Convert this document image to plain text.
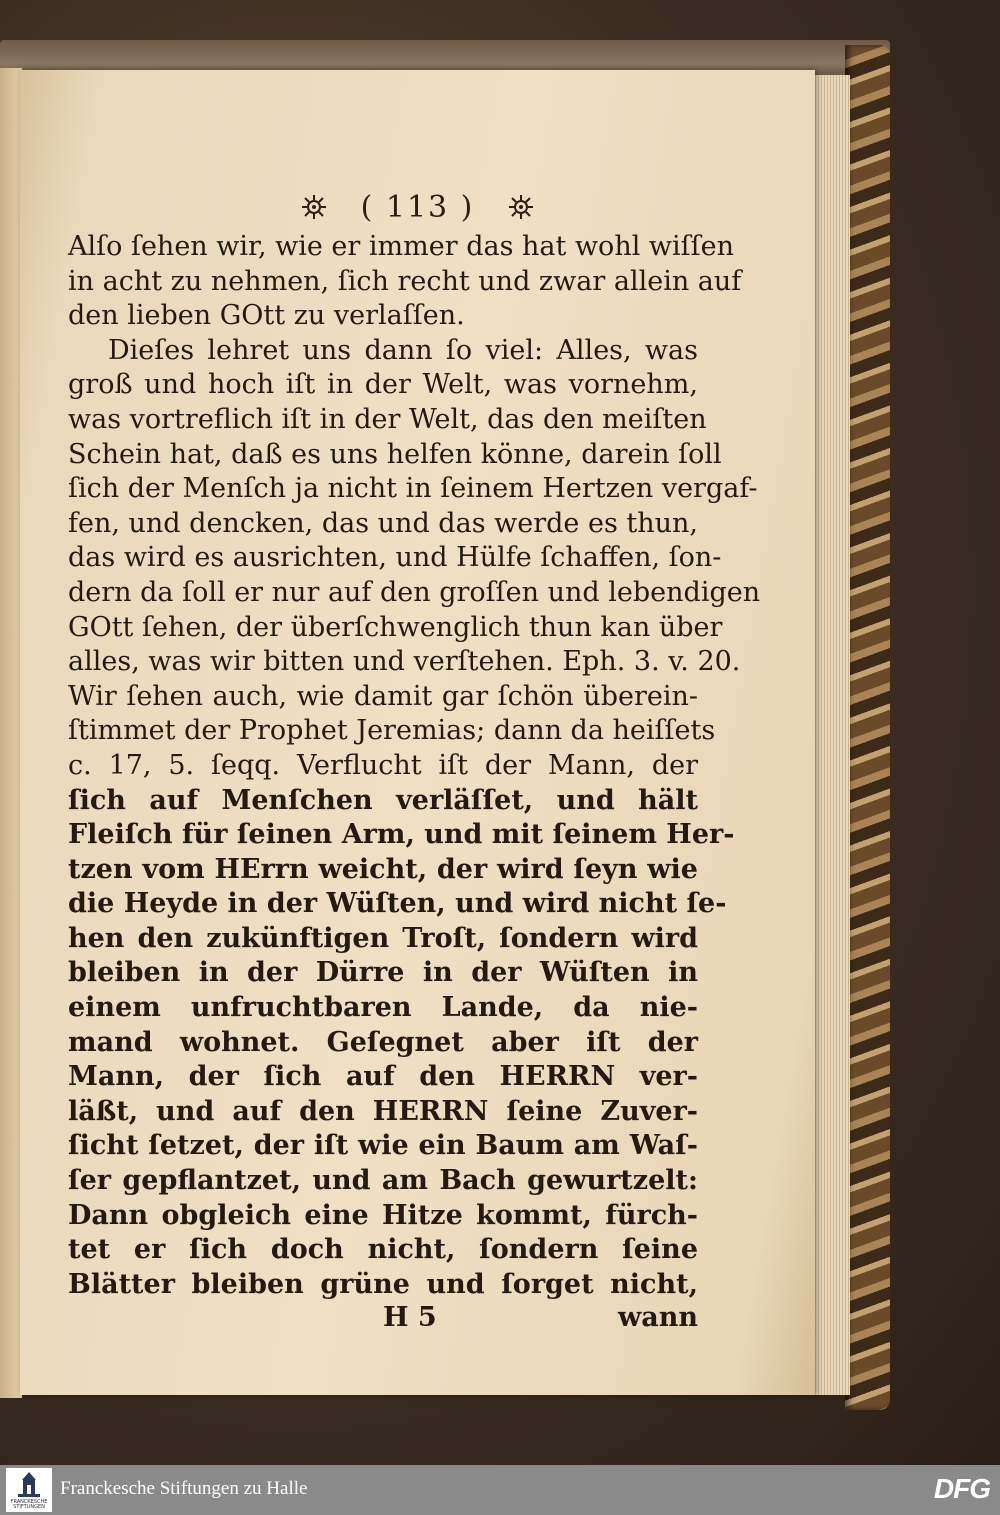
( 113 )
Alſo ſehen wir, wie er immer das hat wohl wiſſen
in acht zu nehmen, ſich recht und zwar allein auf
den lieben GOtt zu verlaſſen.
Dieſes lehret uns dann ſo viel: Alles, was
groß und hoch iſt in der Welt, was vornehm,
was vortreflich iſt in der Welt, das den meiſten
Schein hat, daß es uns helfen könne, darein ſoll
ſich der Menſch ja nicht in ſeinem Hertzen vergaf-
fen, und dencken, das und das werde es thun,
das wird es ausrichten, und Hülfe ſchaffen, ſon-
dern da ſoll er nur auf den groſſen und lebendigen
GOtt ſehen, der überſchwenglich thun kan über
alles, was wir bitten und verſtehen. Eph. 3. v. 20.
Wir ſehen auch, wie damit gar ſchön überein-
ſtimmet der Prophet Jeremias; dann da heiſſets
c. 17, 5. ſeqq. Verflucht iſt der Mann, der
ſich auf Menſchen verläſſet, und hält
Fleiſch für ſeinen Arm, und mit ſeinem Her-
tzen vom HErrn weicht, der wird ſeyn wie
die Heyde in der Wüſten, und wird nicht ſe-
hen den zukünftigen Troſt, ſondern wird
bleiben in der Dürre in der Wüſten in
einem unfruchtbaren Lande, da nie-
mand wohnet. Geſegnet aber iſt der
Mann, der ſich auf den HERRN ver-
läßt, und auf den HERRN ſeine Zuver-
ſicht ſetzet, der iſt wie ein Baum am Waſ-
ſer gepflantzet, und am Bach gewurtzelt:
Dann obgleich eine Hitze kommt, fürch-
tet er ſich doch nicht, ſondern ſeine
Blätter bleiben grüne und ſorget nicht,
H 5	wann
FRANCKESCHE STIFTUNGEN
Franckesche Stiftungen zu Halle	DFG
